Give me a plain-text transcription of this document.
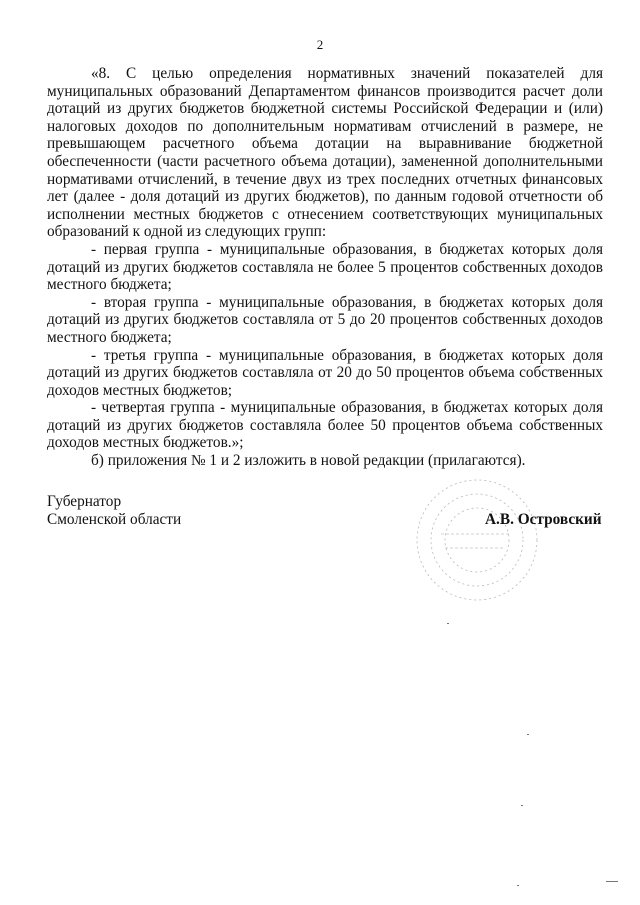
2

«8. С целью определения нормативных значений показателей для муниципальных образований Департаментом финансов производится расчет доли дотаций из других бюджетов бюджетной системы Российской Федерации и (или) налоговых доходов по дополнительным нормативам отчислений в размере, не превышающем расчетного объема дотации на выравнивание бюджетной обеспеченности (части расчетного объема дотации), замененной дополнительными нормативами отчислений, в течение двух из трех последних отчетных финансовых лет (далее - доля дотаций из других бюджетов), по данным годовой отчетности об исполнении местных бюджетов с отнесением соответствующих муниципальных образований к одной из следующих групп:

- первая группа - муниципальные образования, в бюджетах которых доля дотаций из других бюджетов составляла не более 5 процентов собственных доходов местного бюджета;

- вторая группа - муниципальные образования, в бюджетах которых доля дотаций из других бюджетов составляла от 5 до 20 процентов собственных доходов местного бюджета;

- третья группа - муниципальные образования, в бюджетах которых доля дотаций из других бюджетов составляла от 20 до 50 процентов объема собственных доходов местных бюджетов;

- четвертая группа - муниципальные образования, в бюджетах которых доля дотаций из других бюджетов составляла более 50 процентов объема собственных доходов местных бюджетов.»;

б) приложения № 1 и 2 изложить в новой редакции (прилагаются).

Губернатор
Смоленской области	А.В. Островский
